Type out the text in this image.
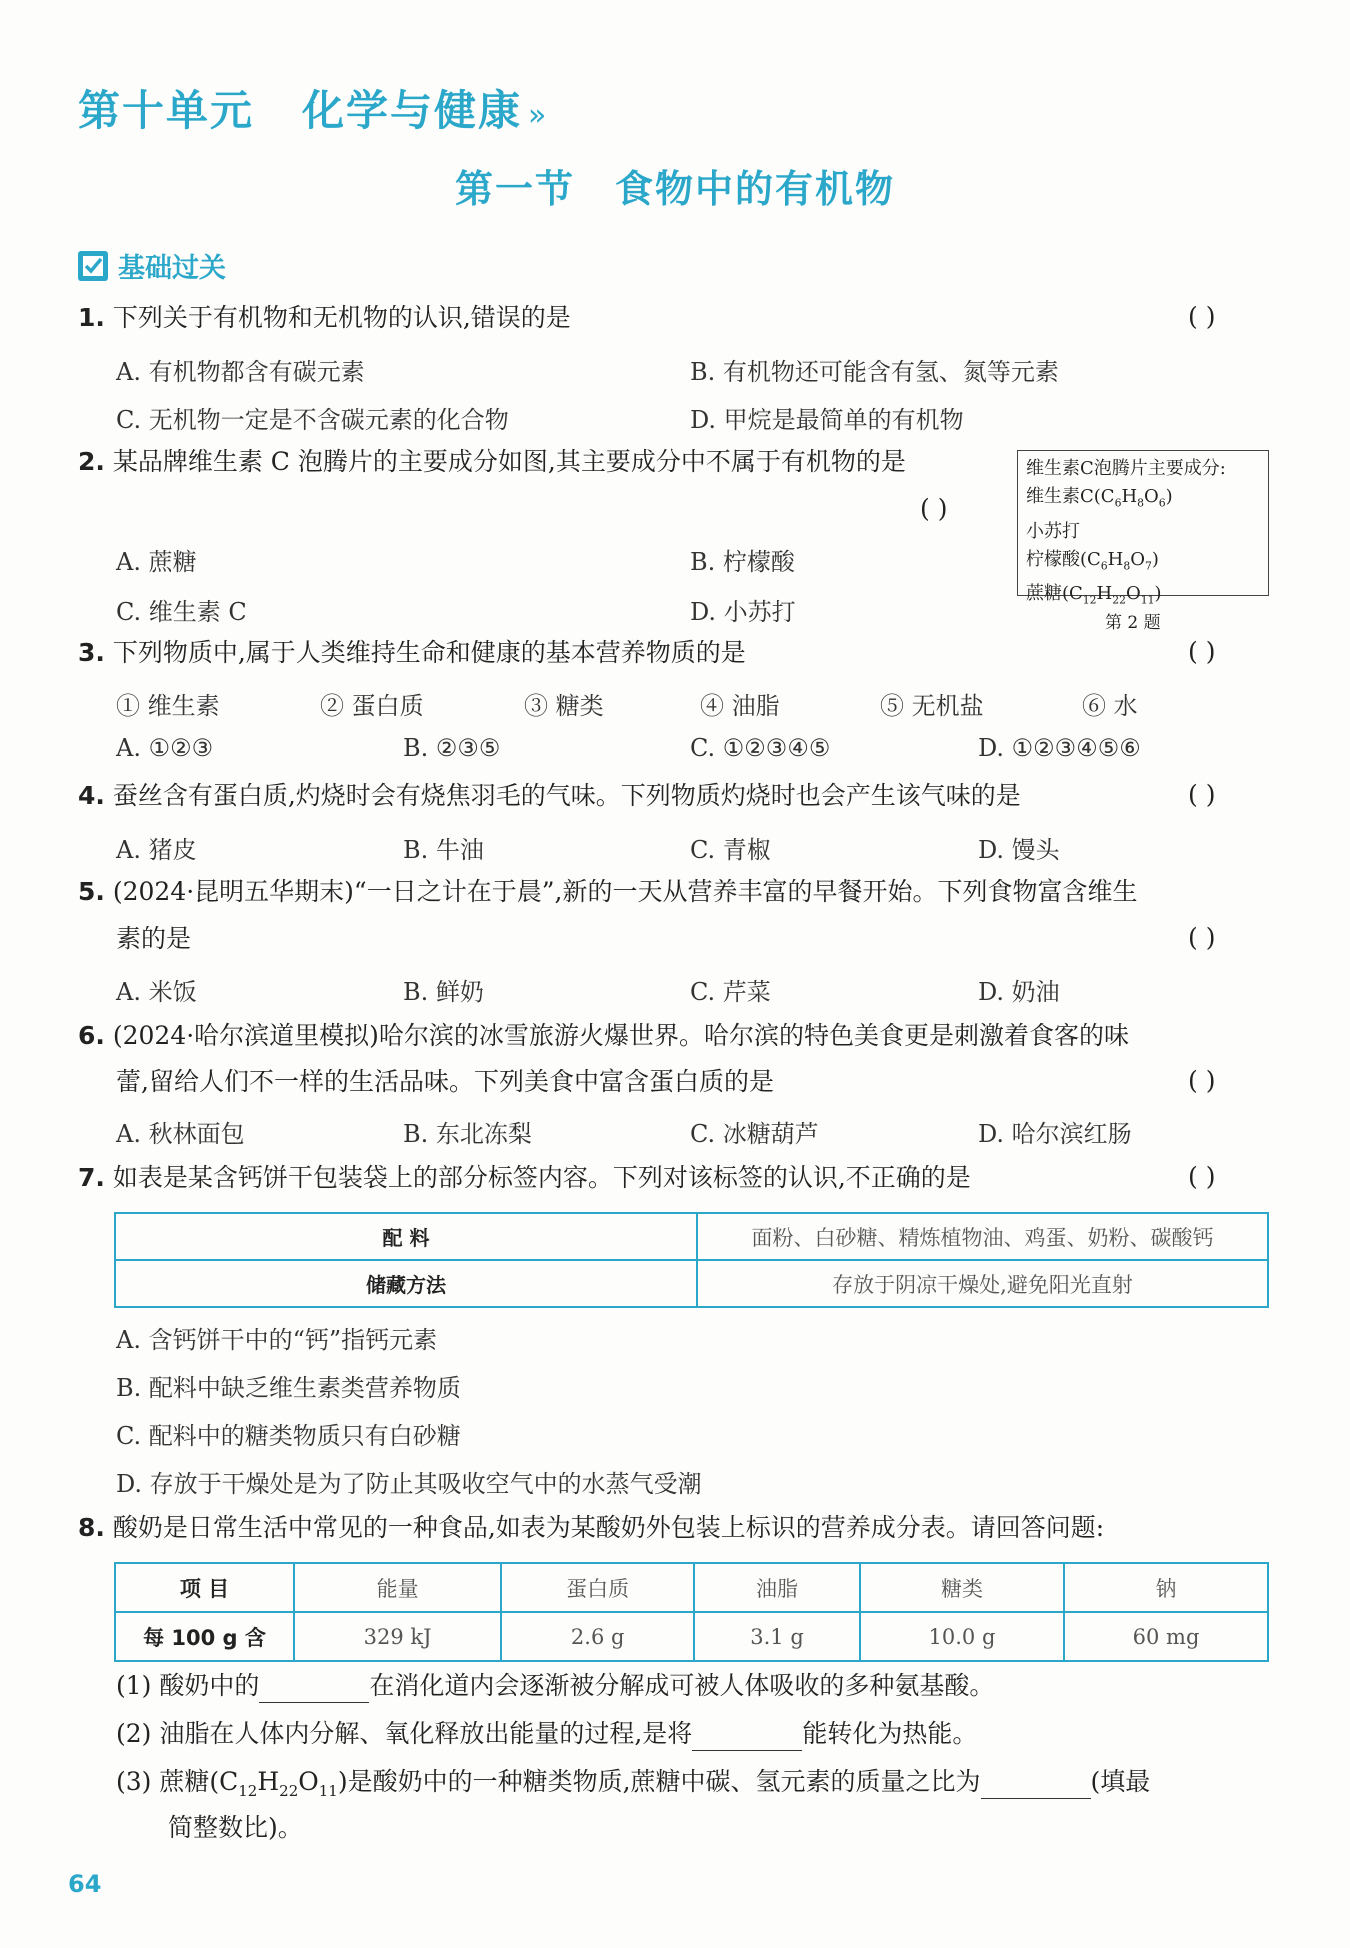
第十单元 化学与健康 »
第一节 食物中的有机物
基础过关
1. 下列关于有机物和无机物的认识,错误的是	( )
A. 有机物都含有碳元素	B. 有机物还可能含有氢、氮等元素
C. 无机物一定是不含碳元素的化合物	D. 甲烷是最简单的有机物
2. 某品牌维生素 C 泡腾片的主要成分如图,其主要成分中不属于有机物的是
( )
A. 蔗糖	B. 柠檬酸
C. 维生素 C	D. 小苏打
维生素C泡腾片主要成分:
维生素$C(C_6H_8O_6)$
小苏打
柠檬酸$(C_6H_8O_7)$
蔗糖$(C_{12}H_{22}O_{11})$
第 2 题
3. 下列物质中,属于人类维持生命和健康的基本营养物质的是	( )
① 维生素	② 蛋白质	③ 糖类	④ 油脂	⑤ 无机盐	⑥ 水
A. ①②③	B. ②③⑤	C. ①②③④⑤	D. ①②③④⑤⑥
4. 蚕丝含有蛋白质,灼烧时会有烧焦羽毛的气味。下列物质灼烧时也会产生该气味的是	( )
A. 猪皮	B. 牛油	C. 青椒	D. 馒头
5. (2024·昆明五华期末)“一日之计在于晨”,新的一天从营养丰富的早餐开始。下列食物富含维生
素的是	( )
A. 米饭	B. 鲜奶	C. 芹菜	D. 奶油
6. (2024·哈尔滨道里模拟)哈尔滨的冰雪旅游火爆世界。哈尔滨的特色美食更是刺激着食客的味
蕾,留给人们不一样的生活品味。下列美食中富含蛋白质的是	( )
A. 秋林面包	B. 东北冻梨	C. 冰糖葫芦	D. 哈尔滨红肠
7. 如表是某含钙饼干包装袋上的部分标签内容。下列对该标签的认识,不正确的是	( )
配 料	面粉、白砂糖、精炼植物油、鸡蛋、奶粉、碳酸钙
储藏方法	存放于阴凉干燥处,避免阳光直射
A. 含钙饼干中的“钙”指钙元素
B. 配料中缺乏维生素类营养物质
C. 配料中的糖类物质只有白砂糖
D. 存放于干燥处是为了防止其吸收空气中的水蒸气受潮
8. 酸奶是日常生活中常见的一种食品,如表为某酸奶外包装上标识的营养成分表。请回答问题:
项 目	能量	蛋白质	油脂	糖类	钠
每 100 g 含	329 kJ	2.6 g	3.1 g	10.0 g	60 mg
(1) 酸奶中的	在消化道内会逐渐被分解成可被人体吸收的多种氨基酸。
(2) 油脂在人体内分解、氧化释放出能量的过程,是将	能转化为热能。
(3) 蔗糖$(C_{12}H_{22}O_{11})$是酸奶中的一种糖类物质,蔗糖中碳、氢元素的质量之比为	(填最
简整数比)。
64
